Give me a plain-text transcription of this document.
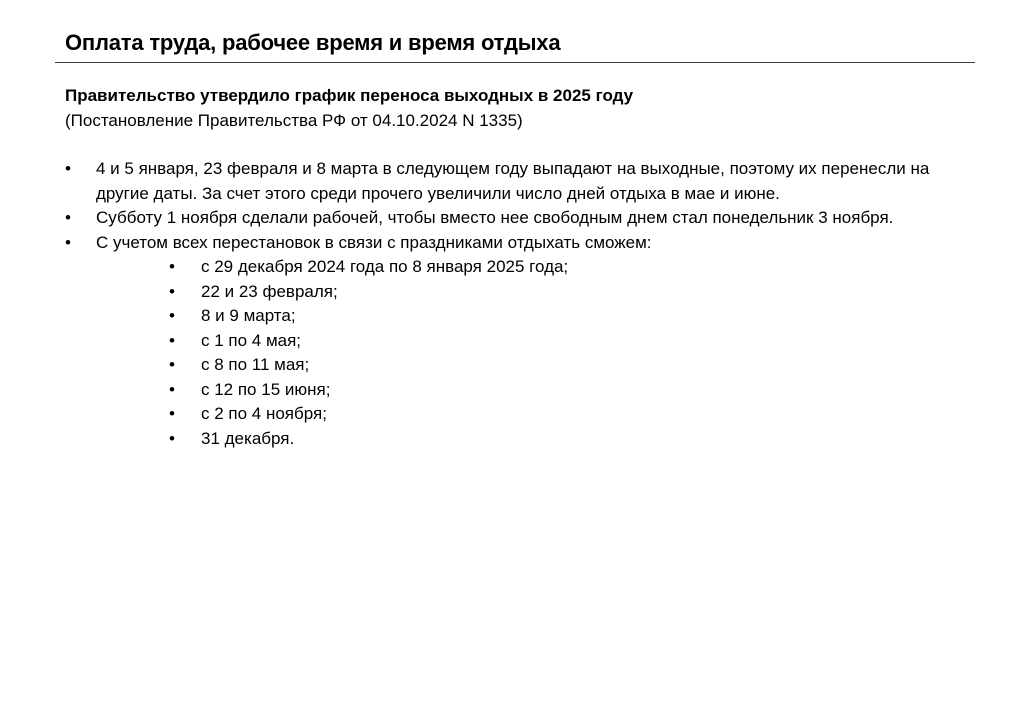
Оплата труда, рабочее время и время отдыха
Правительство утвердило график переноса выходных в 2025 году
(Постановление Правительства РФ от 04.10.2024 N 1335)
• 4 и 5 января, 23 февраля и 8 марта в следующем году выпадают на выходные, поэтому их перенесли на другие даты. За счет этого среди прочего увеличили число дней отдыха в мае и июне.
• Субботу 1 ноября сделали рабочей, чтобы вместо нее свободным днем стал понедельник 3 ноября.
• С учетом всех перестановок в связи с праздниками отдыхать сможем:
• с 29 декабря 2024 года по 8 января 2025 года;
• 22 и 23 февраля;
• 8 и 9 марта;
• с 1 по 4 мая;
• с 8 по 11 мая;
• с 12 по 15 июня;
• с 2 по 4 ноября;
• 31 декабря.
